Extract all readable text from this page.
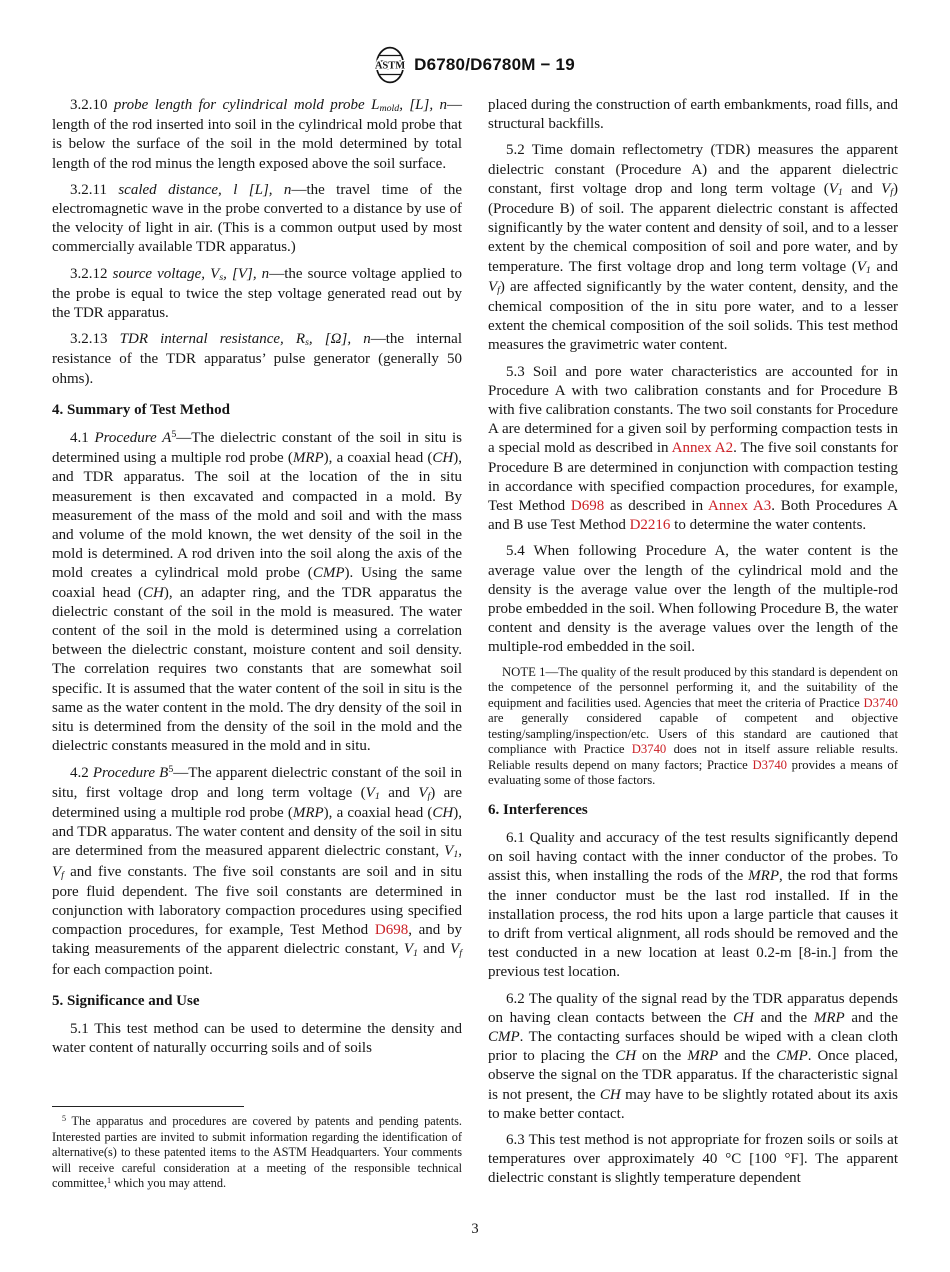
ASTM D6780/D6780M − 19

3.2.10 probe length for cylindrical mold probe Lmold, [L], n—length of the rod inserted into soil in the cylindrical mold probe that is below the surface of the soil in the mold determined by total length of the rod minus the length exposed above the soil surface.

3.2.11 scaled distance, l [L], n—the travel time of the electromagnetic wave in the probe converted to a distance by use of the velocity of light in air. (This is a common output used by most commercially available TDR apparatus.)

3.2.12 source voltage, Vs, [V], n—the source voltage applied to the probe is equal to twice the step voltage generated read out by the TDR apparatus.

3.2.13 TDR internal resistance, Rs, [Ω], n—the internal resistance of the TDR apparatus’ pulse generator (generally 50 ohms).

4. Summary of Test Method

4.1 Procedure $A^5—The$ dielectric constant of the soil in situ is determined using a multiple rod probe (MRP), a coaxial head (CH), and TDR apparatus. The soil at the location of the in situ measurement is then excavated and compacted in a mold. By measurement of the mass of the mold and soil and with the mass and volume of the mold known, the wet density of the soil in the mold is determined. A rod driven into the soil along the axis of the mold creates a cylindrical mold probe (CMP). Using the same coaxial head (CH), an adapter ring, and the TDR apparatus the dielectric constant of the soil in the mold is measured. The water content of the soil in the mold is determined using a correlation between the dielectric constant, moisture content and soil density. The correlation requires two constants that are somewhat soil specific. It is assumed that the water content of the soil in situ is the same as the water content in the mold. The dry density of the soil in situ is determined from the density of the soil in the mold and the dielectric constants measured in the mold and in situ.

4.2 Procedure $B^5—The$ apparent dielectric constant of the soil in situ, first voltage drop and long term voltage (V1 and Vf) are determined using a multiple rod probe (MRP), a coaxial head (CH), and TDR apparatus. The water content and density of the soil in situ are determined from the measured apparent dielectric constant, V1, Vf and five constants. The five soil constants are soil and in situ pore fluid dependent. The five soil constants are determined in conjunction with laboratory compaction procedures using specified compaction procedures, for example, Test Method D698, and by taking measurements of the apparent dielectric constant, V1 and Vf for each compaction point.

5. Significance and Use

5.1 This test method can be used to determine the density and water content of naturally occurring soils and of soils

$^5$ The apparatus and procedures are covered by patents and pending patents. Interested parties are invited to submit information regarding the identification of alternative(s) to these patented items to the ASTM Headquarters. Your comments will receive careful consideration at a meeting of the responsible technical committee,$^1$ which you may attend.

placed during the construction of earth embankments, road fills, and structural backfills.

5.2 Time domain reflectometry (TDR) measures the apparent dielectric constant (Procedure A) and the apparent dielectric constant, first voltage drop and long term voltage (V1 and Vf) (Procedure B) of soil. The apparent dielectric constant is affected significantly by the water content and density of soil, and to a lesser extent by the chemical composition of soil and pore water, and by temperature. The first voltage drop and long term voltage (V1 and Vf) are affected significantly by the water content, density, and the chemical composition of the in situ pore water, and to a lesser extent the chemical composition of the soil solids. This test method measures the gravimetric water content.

5.3 Soil and pore water characteristics are accounted for in Procedure A with two calibration constants and for Procedure B with five calibration constants. The two soil constants for Procedure A are determined for a given soil by performing compaction tests in a special mold as described in Annex A2. The five soil constants for Procedure B are determined in conjunction with compaction testing in accordance with specified compaction procedures, for example, Test Method D698 as described in Annex A3. Both Procedures A and B use Test Method D2216 to determine the water contents.

5.4 When following Procedure A, the water content is the average value over the length of the cylindrical mold and the density is the average value over the length of the multiple-rod probe embedded in the soil. When following Procedure B, the water content and density is the average values over the length of the multiple-rod embedded in the soil.

NOTE 1—The quality of the result produced by this standard is dependent on the competence of the personnel performing it, and the suitability of the equipment and facilities used. Agencies that meet the criteria of Practice D3740 are generally considered capable of competent and objective testing/sampling/inspection/etc. Users of this standard are cautioned that compliance with Practice D3740 does not in itself assure reliable results. Reliable results depend on many factors; Practice D3740 provides a means of evaluating some of those factors.

6. Interferences

6.1 Quality and accuracy of the test results significantly depend on soil having contact with the inner conductor of the probes. To assist this, when installing the rods of the MRP, the rod that forms the inner conductor must be the last rod installed. If in the installation process, the rod hits upon a large particle that causes it to drift from vertical alignment, all rods should be removed and the test conducted in a new location at least 0.2-m [8-in.] from the previous test location.

6.2 The quality of the signal read by the TDR apparatus depends on having clean contacts between the CH and the MRP and the CMP. The contacting surfaces should be wiped with a clean cloth prior to placing the CH on the MRP and the CMP. Once placed, observe the signal on the TDR apparatus. If the characteristic signal is not present, the CH may have to be slightly rotated about its axis to make better contact.

6.3 This test method is not appropriate for frozen soils or soils at temperatures over approximately 40 °C [100 °F]. The apparent dielectric constant is slightly temperature dependent

3
